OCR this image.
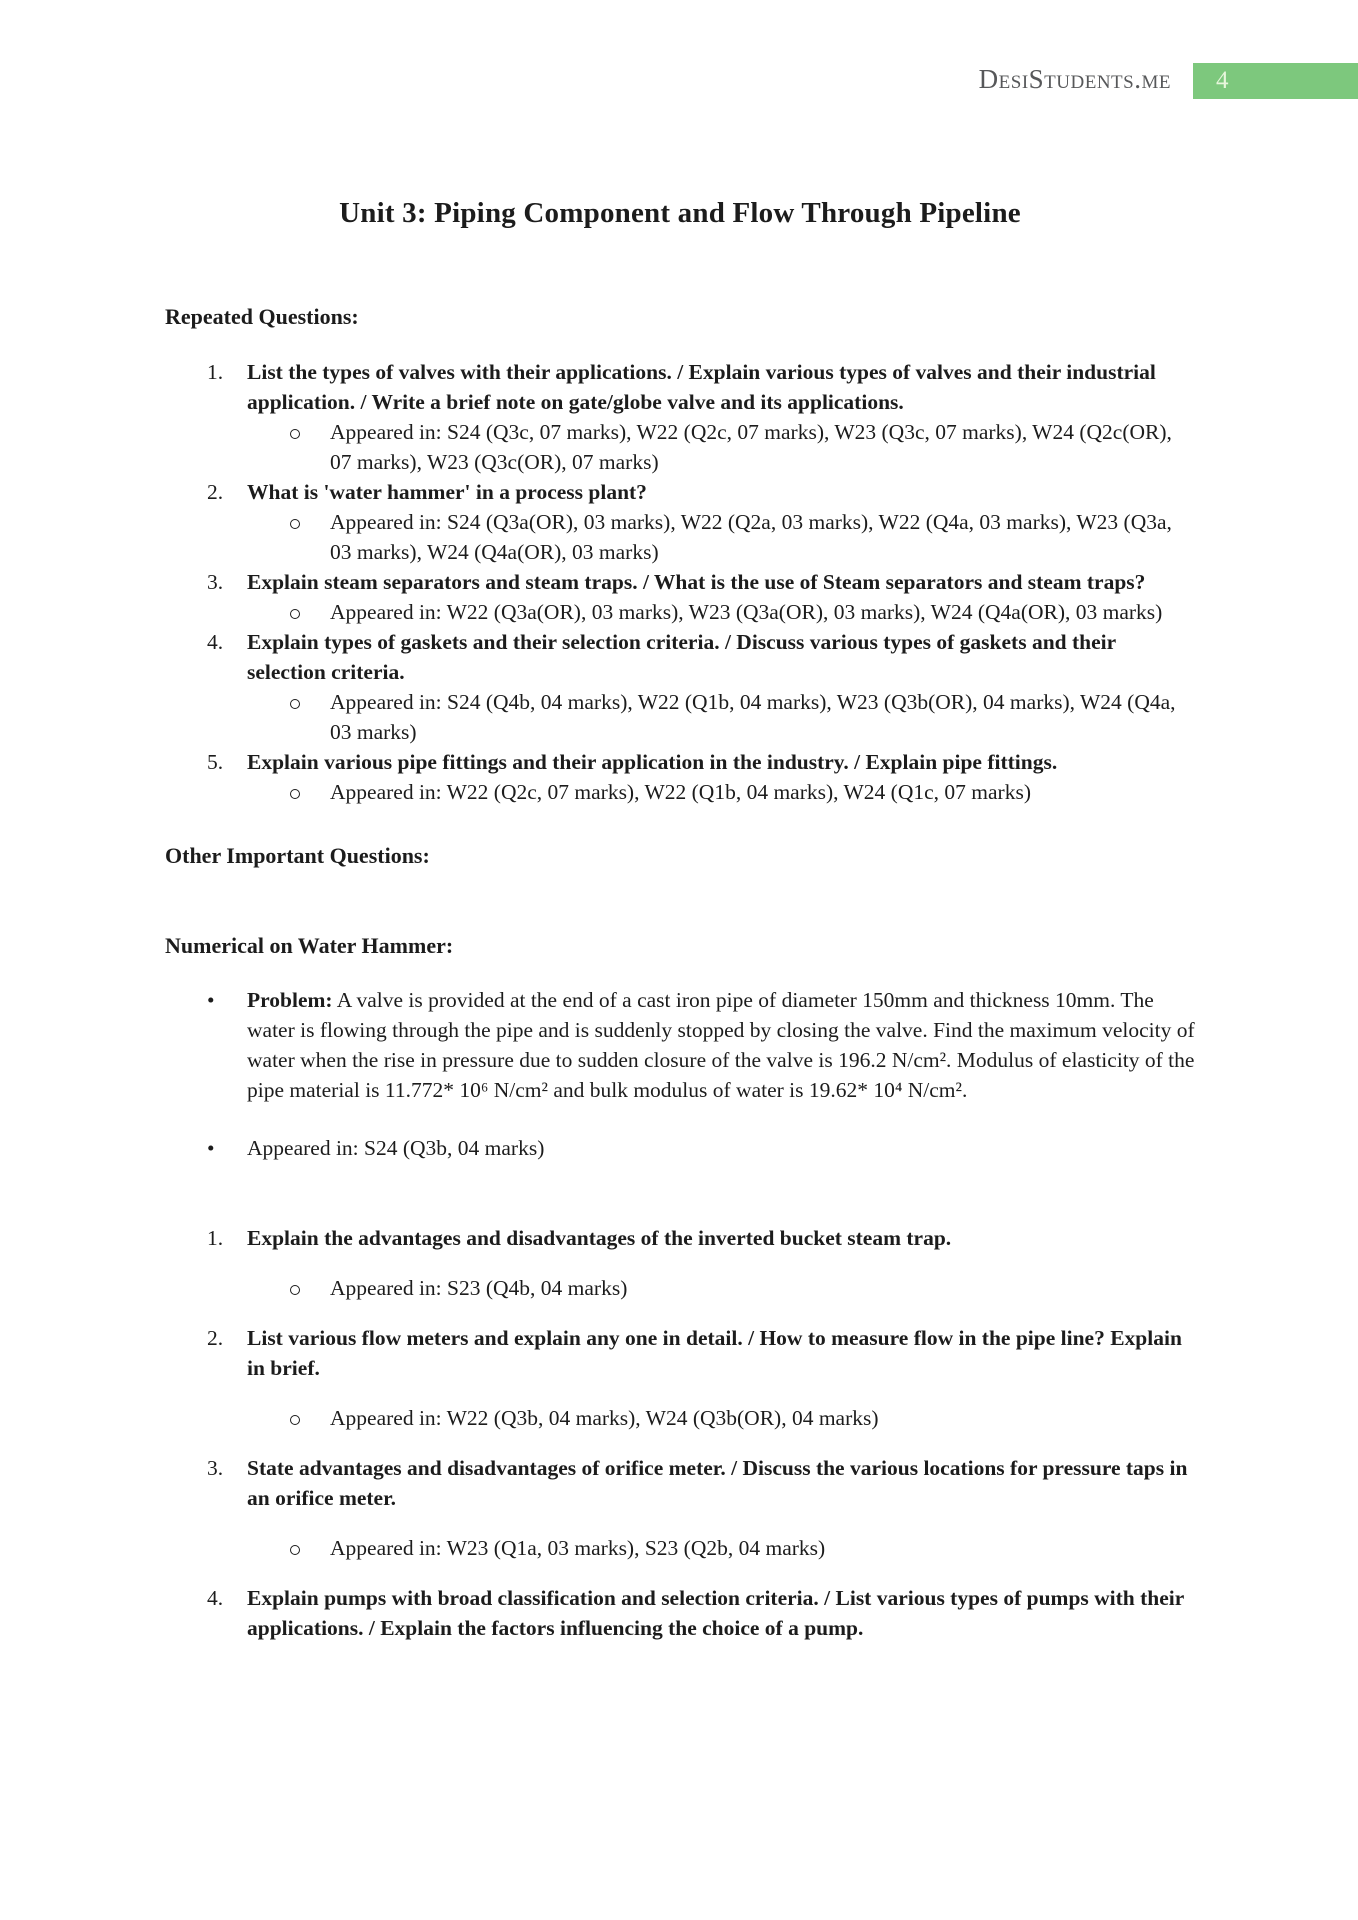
DesiStudents.me	4
Unit 3: Piping Component and Flow Through Pipeline
Repeated Questions:
1.	List the types of valves with their applications. / Explain various types of valves and their industrial application. / Write a brief note on gate/globe valve and its applications.
Appeared in: S24 (Q3c, 07 marks), W22 (Q2c, 07 marks), W23 (Q3c, 07 marks), W24 (Q2c(OR), 07 marks), W23 (Q3c(OR), 07 marks)
2.	What is 'water hammer' in a process plant?
Appeared in: S24 (Q3a(OR), 03 marks), W22 (Q2a, 03 marks), W22 (Q4a, 03 marks), W23 (Q3a, 03 marks), W24 (Q4a(OR), 03 marks)
3.	Explain steam separators and steam traps. / What is the use of Steam separators and steam traps?
Appeared in: W22 (Q3a(OR), 03 marks), W23 (Q3a(OR), 03 marks), W24 (Q4a(OR), 03 marks)
4.	Explain types of gaskets and their selection criteria. / Discuss various types of gaskets and their selection criteria.
Appeared in: S24 (Q4b, 04 marks), W22 (Q1b, 04 marks), W23 (Q3b(OR), 04 marks), W24 (Q4a, 03 marks)
5.	Explain various pipe fittings and their application in the industry. / Explain pipe fittings.
Appeared in: W22 (Q2c, 07 marks), W22 (Q1b, 04 marks), W24 (Q1c, 07 marks)
Other Important Questions:
Numerical on Water Hammer:
•	Problem: A valve is provided at the end of a cast iron pipe of diameter 150mm and thickness 10mm. The water is flowing through the pipe and is suddenly stopped by closing the valve. Find the maximum velocity of water when the rise in pressure due to sudden closure of the valve is 196.2 N/cm². Modulus of elasticity of the pipe material is 11.772* 10⁶ N/cm² and bulk modulus of water is 19.62* 10⁴ N/cm².
•	Appeared in: S24 (Q3b, 04 marks)
1.	Explain the advantages and disadvantages of the inverted bucket steam trap.
Appeared in: S23 (Q4b, 04 marks)
2.	List various flow meters and explain any one in detail. / How to measure flow in the pipe line? Explain in brief.
Appeared in: W22 (Q3b, 04 marks), W24 (Q3b(OR), 04 marks)
3.	State advantages and disadvantages of orifice meter. / Discuss the various locations for pressure taps in an orifice meter.
Appeared in: W23 (Q1a, 03 marks), S23 (Q2b, 04 marks)
4.	Explain pumps with broad classification and selection criteria. / List various types of pumps with their applications. / Explain the factors influencing the choice of a pump.
